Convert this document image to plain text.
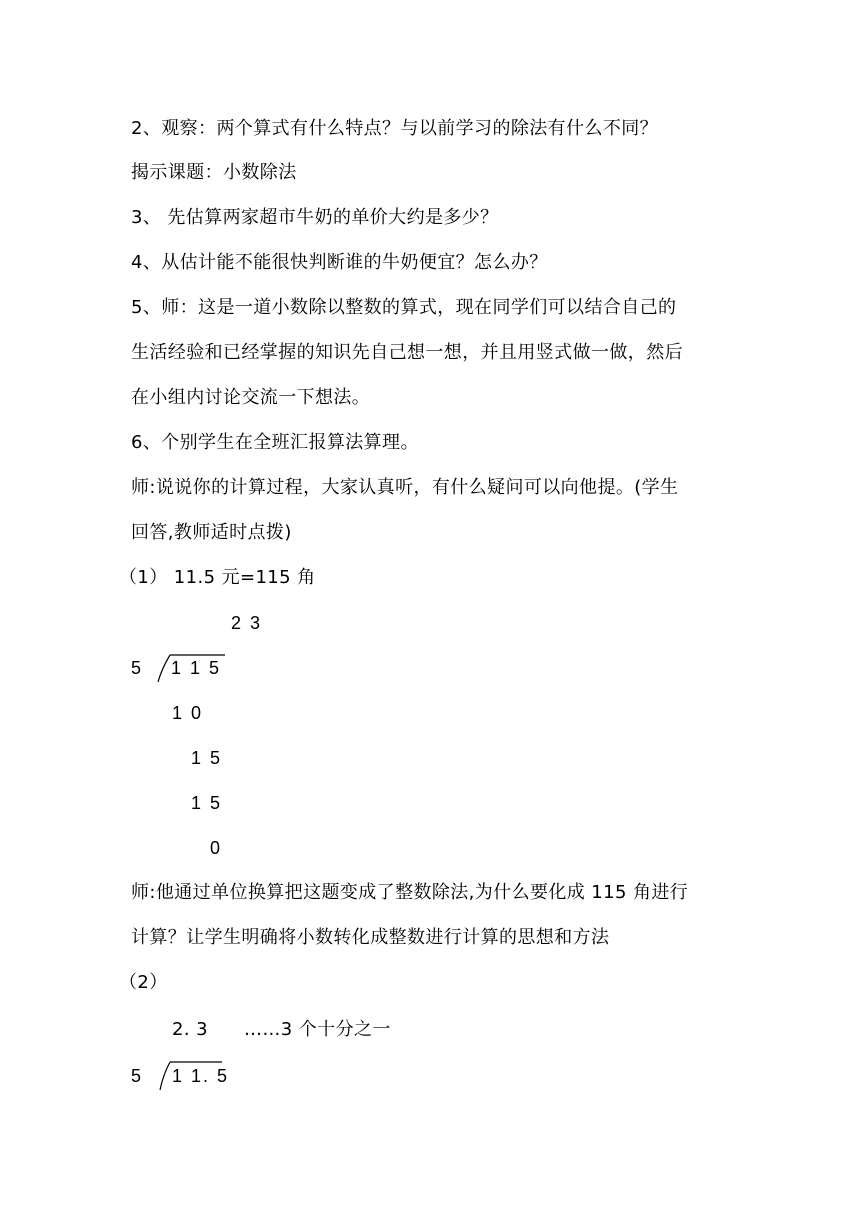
2、观察：两个算式有什么特点？与以前学习的除法有什么不同？
揭示课题：小数除法
3、 先估算两家超市牛奶的单价大约是多少？
4、从估计能不能很快判断谁的牛奶便宜？怎么办？
5、师：这是一道小数除以整数的算式，现在同学们可以结合自己的
生活经验和已经掌握的知识先自己想一想，并且用竖式做一做，然后
在小组内讨论交流一下想法。
6、个别学生在全班汇报算法算理。
师:说说你的计算过程，大家认真听，有什么疑问可以向他提。(学生
回答,教师适时点拨)
（1） 11.5 元=115 角
2 3
5 1 1 5
1 0
1 5
1 5
0
师:他通过单位换算把这题变成了整数除法,为什么要化成 115 角进行
计算？让学生明确将小数转化成整数进行计算的思想和方法
（2）
2. 3 ……3 个十分之一
5 1 1. 5
